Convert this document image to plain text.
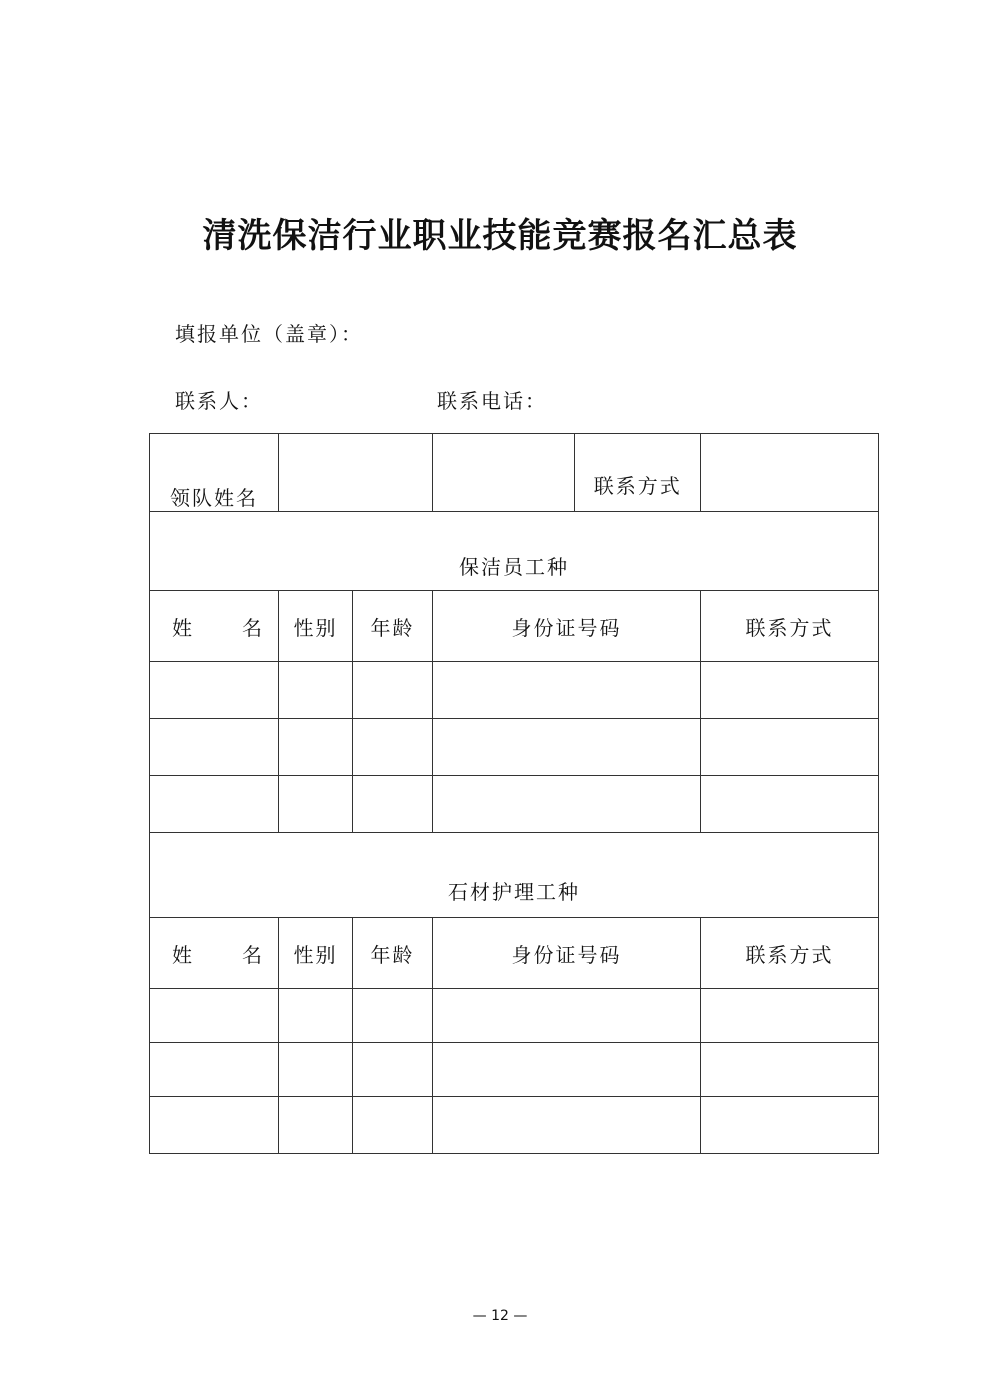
清洗保洁行业职业技能竞赛报名汇总表
填报单位（盖章）：
联系人：	联系电话：
领队姓名			联系方式	

保洁员工种				
姓 名	性别	年龄	身份证号码	联系方式

石材护理工种				
姓 名	性别	年龄	身份证号码	联系方式

— 12 —
